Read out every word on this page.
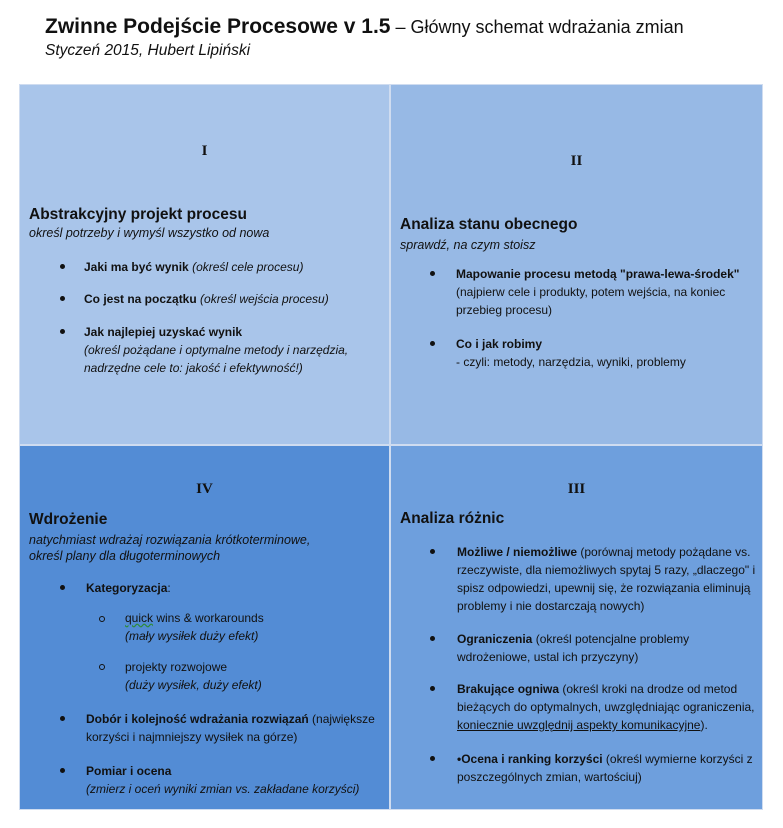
Zwinne Podejście Procesowe v 1.5 – Główny schemat wdrażania zmian
Styczeń 2015, Hubert Lipiński
I
Abstrakcyjny projekt procesu
określ potrzeby i wymyśl wszystko od nowa
Jaki ma być wynik (określ cele procesu)
Co jest na początku (określ wejścia procesu)
Jak najlepiej uzyskać wynik
(określ pożądane i optymalne metody i narzędzia,
nadrzędne cele to: jakość i efektywność!)
II
Analiza stanu obecnego
sprawdź, na czym stoisz
Mapowanie procesu metodą "prawa-lewa-środek"
(najpierw cele i produkty, potem wejścia, na koniec
przebieg procesu)
Co i jak robimy
- czyli: metody, narzędzia, wyniki, problemy
IV
Wdrożenie
natychmiast wdrażaj rozwiązania krótkoterminowe,
określ plany dla długoterminowych
Kategoryzacja:
quick wins & workarounds
(mały wysiłek duży efekt)
projekty rozwojowe
(duży wysiłek, duży efekt)
Dobór i kolejność wdrażania rozwiązań (największe
korzyści i najmniejszy wysiłek na górze)
Pomiar i ocena
(zmierz i oceń wyniki zmian vs. zakładane korzyści)
III
Analiza różnic
Możliwe / niemożliwe (porównaj metody pożądane vs.
rzeczywiste, dla niemożliwych spytaj 5 razy, „dlaczego" i
spisz odpowiedzi, upewnij się, że rozwiązania eliminują
problemy i nie dostarczają nowych)
Ograniczenia (określ potencjalne problemy
wdrożeniowe, ustal ich przyczyny)
Brakujące ogniwa (określ kroki na drodze od metod
bieżących do optymalnych, uwzględniając ograniczenia,
koniecznie uwzględnij aspekty komunikacyjne).
•Ocena i ranking korzyści (określ wymierne korzyści z
poszczególnych zmian, wartościuj)
